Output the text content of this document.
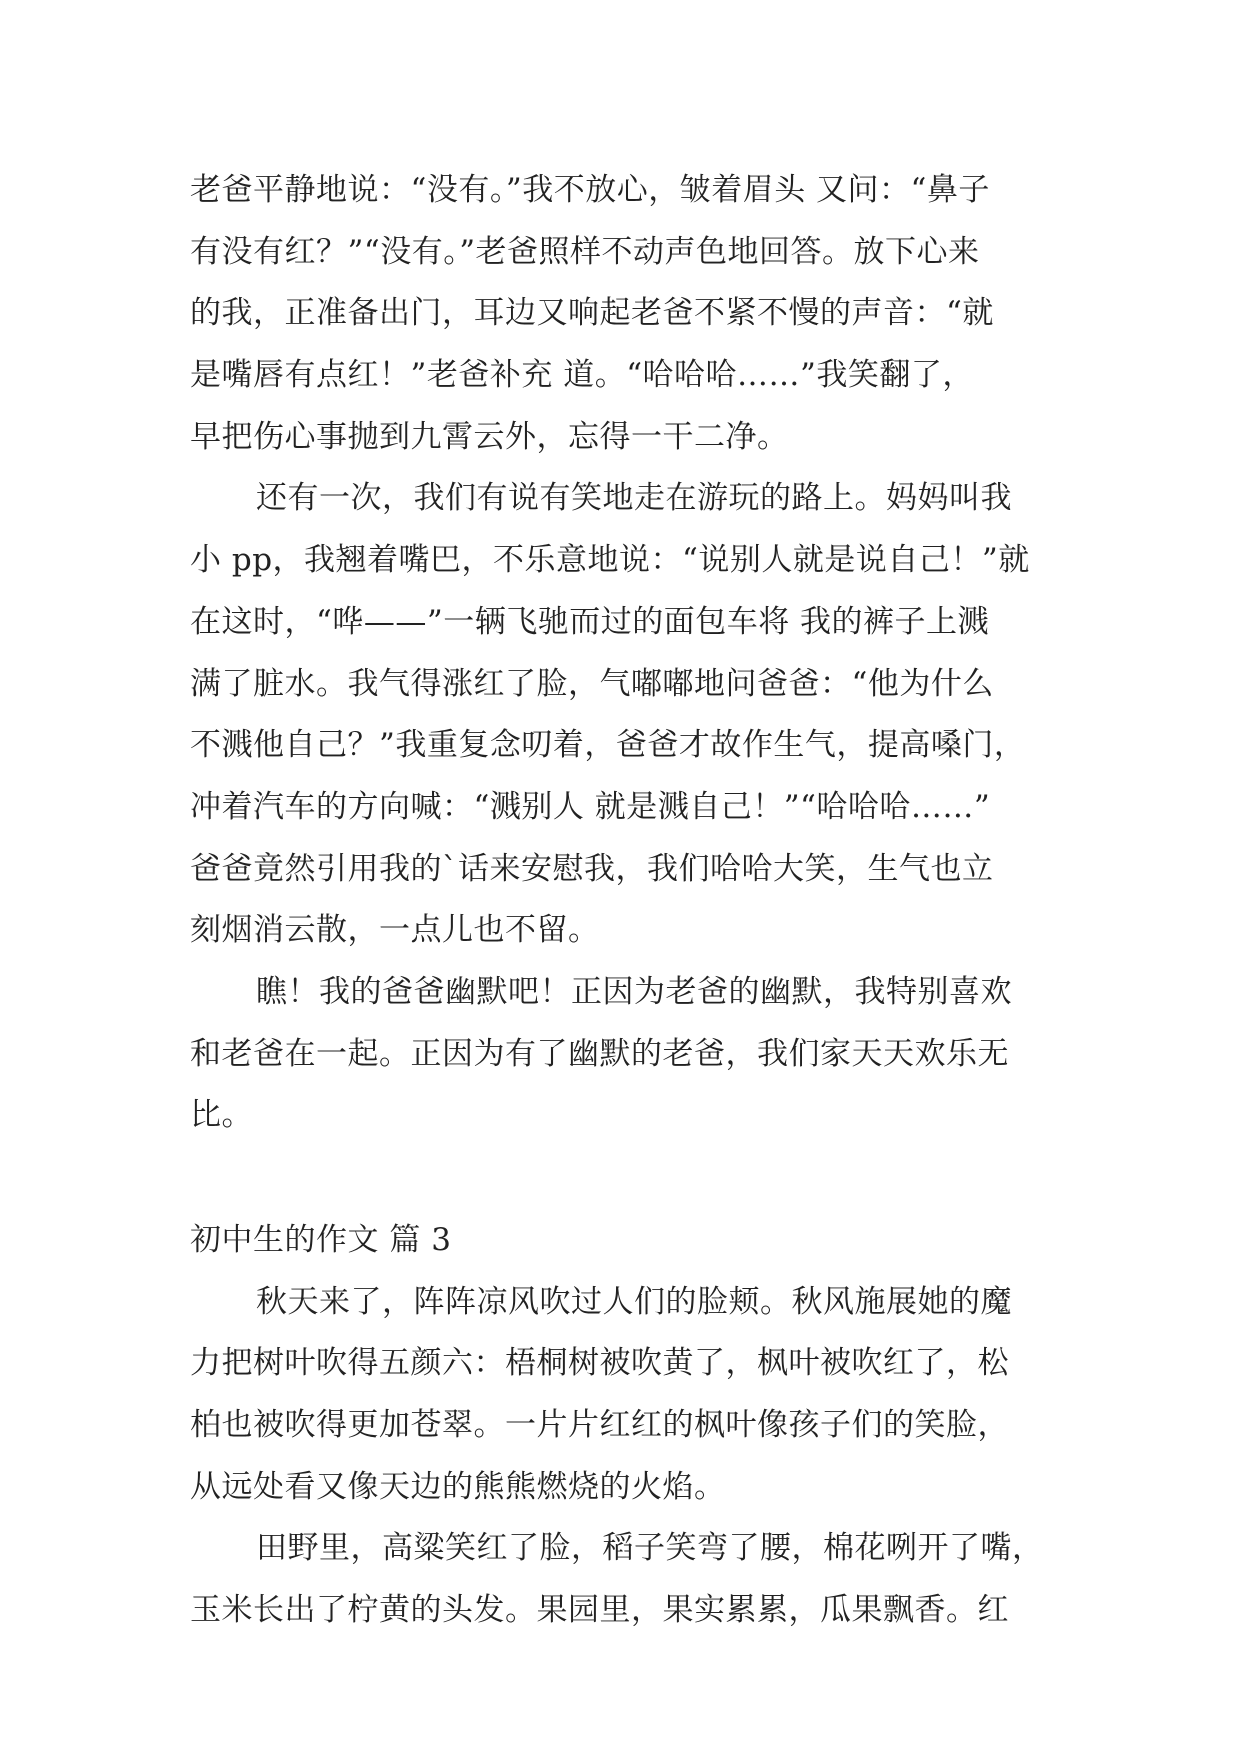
老爸平静地说：“没有。”我不放心，皱着眉头 又问：“鼻子
有没有红？”“没有。”老爸照样不动声色地回答。放下心来
的我，正准备出门，耳边又响起老爸不紧不慢的声音：“就
是嘴唇有点红！”老爸补充 道。“哈哈哈……”我笑翻了，
早把伤心事抛到九霄云外，忘得一干二净。
还有一次，我们有说有笑地走在游玩的路上。妈妈叫我
小 pp，我翘着嘴巴，不乐意地说：“说别人就是说自己！”就
在这时，“哗——”一辆飞驰而过的面包车将 我的裤子上溅
满了脏水。我气得涨红了脸，气嘟嘟地问爸爸：“他为什么
不溅他自己？”我重复念叨着，爸爸才故作生气，提高嗓门，
冲着汽车的方向喊：“溅别人 就是溅自己！”“哈哈哈……”
爸爸竟然引用我的`话来安慰我，我们哈哈大笑，生气也立
刻烟消云散，一点儿也不留。
瞧！我的爸爸幽默吧！正因为老爸的幽默，我特别喜欢
和老爸在一起。正因为有了幽默的老爸，我们家天天欢乐无
比。
初中生的作文 篇 3
秋天来了，阵阵凉风吹过人们的脸颊。秋风施展她的魔
力把树叶吹得五颜六：梧桐树被吹黄了，枫叶被吹红了，松
柏也被吹得更加苍翠。一片片红红的枫叶像孩子们的笑脸，
从远处看又像天边的熊熊燃烧的火焰。
田野里，高粱笑红了脸，稻子笑弯了腰，棉花咧开了嘴，
玉米长出了柠黄的头发。果园里，果实累累，瓜果飘香。红
